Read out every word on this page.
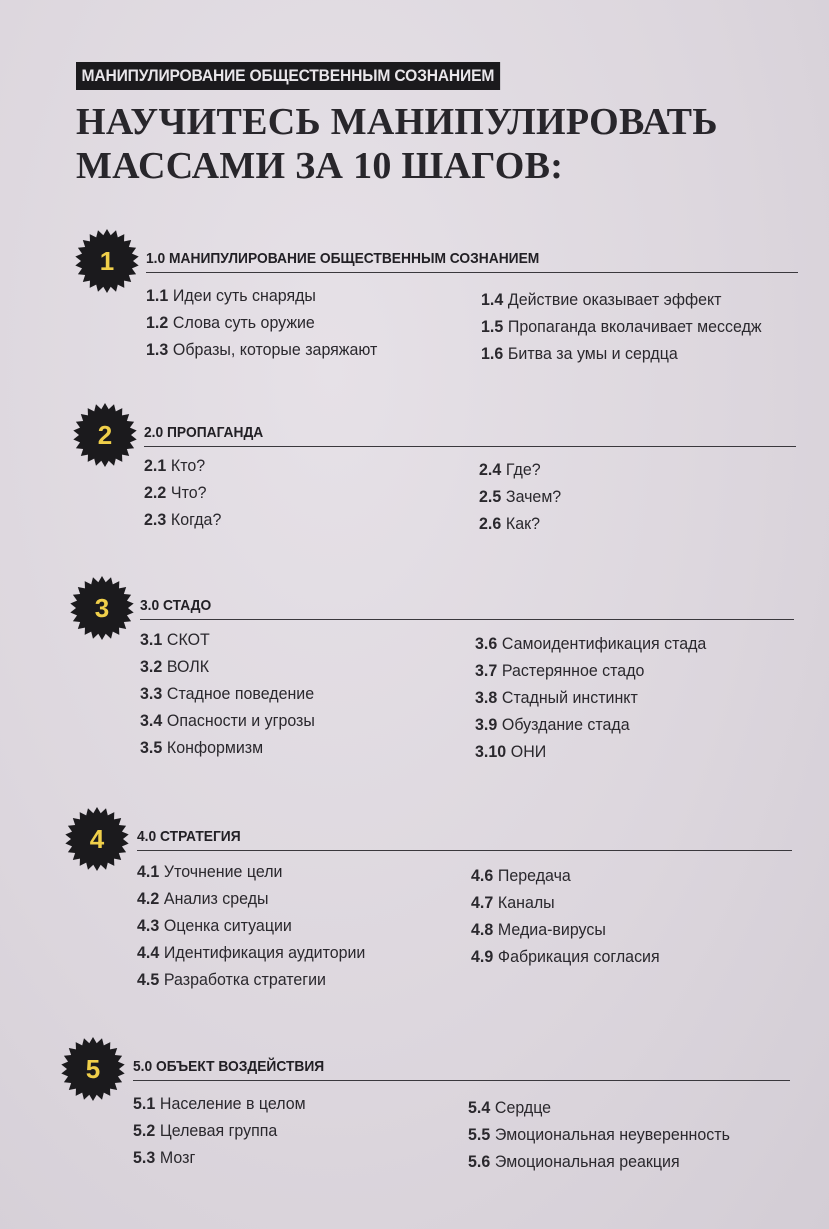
МАНИПУЛИРОВАНИЕ ОБЩЕСТВЕННЫМ СОЗНАНИЕМ
НАУЧИТЕСЬ МАНИПУЛИРОВАТЬ
МАССАМИ ЗА 10 ШАГОВ:
1	1.0 МАНИПУЛИРОВАНИЕ ОБЩЕСТВЕННЫМ СОЗНАНИЕМ
1.1 Идеи суть снаряды
1.2 Слова суть оружие
1.3 Образы, которые заряжают
1.4 Действие оказывает эффект
1.5 Пропаганда вколачивает месседж
1.6 Битва за умы и сердца
2	2.0 ПРОПАГАНДА
2.1 Кто?
2.2 Что?
2.3 Когда?
2.4 Где?
2.5 Зачем?
2.6 Как?
3	3.0 СТАДО
3.1 СКОТ
3.2 ВОЛК
3.3 Стадное поведение
3.4 Опасности и угрозы
3.5 Конформизм
3.6 Самоидентификация стада
3.7 Растерянное стадо
3.8 Стадный инстинкт
3.9 Обуздание стада
3.10 ОНИ
4	4.0 СТРАТЕГИЯ
4.1 Уточнение цели
4.2 Анализ среды
4.3 Оценка ситуации
4.4 Идентификация аудитории
4.5 Разработка стратегии
4.6 Передача
4.7 Каналы
4.8 Медиа-вирусы
4.9 Фабрикация согласия
5	5.0 ОБЪЕКТ ВОЗДЕЙСТВИЯ
5.1 Население в целом
5.2 Целевая группа
5.3 Мозг
5.4 Сердце
5.5 Эмоциональная неуверенность
5.6 Эмоциональная реакция
